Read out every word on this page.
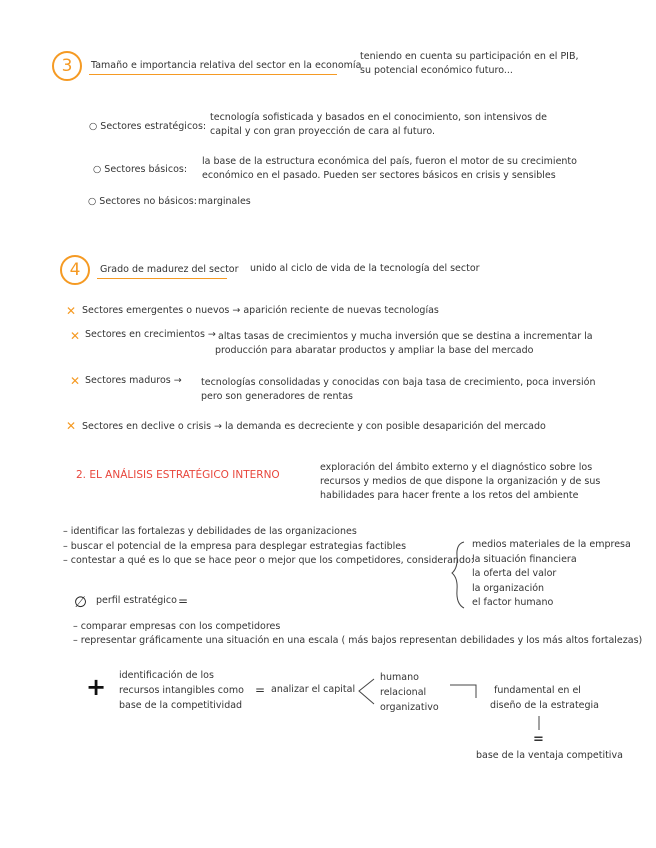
3	Tamaño e importancia relativa del sector en la economía
teniendo en cuenta su participación en el PIB,
su potencial económico futuro...
○ Sectores estratégicos:
tecnología sofisticada y basados en el conocimiento, son intensivos de
capital y con gran proyección de cara al futuro.
○ Sectores básicos:
la base de la estructura económica del país, fueron el motor de su crecimiento
económico en el pasado. Pueden ser sectores básicos en crisis y sensibles
○ Sectores no básicos: marginales
4	Grado de madurez del sector unido al ciclo de vida de la tecnología del sector
✕ Sectores emergentes o nuevos → aparición reciente de nuevas tecnologías
✕ Sectores en crecimientos → altas tasas de crecimientos y mucha inversión que se destina a incrementar la
producción para abaratar productos y ampliar la base del mercado
✕ Sectores maduros → tecnologías consolidadas y conocidas con baja tasa de crecimiento, poca inversión
pero son generadores de rentas
✕ Sectores en declive o crisis → la demanda es decreciente y con posible desaparición del mercado
2. EL ANÁLISIS ESTRATÉGICO INTERNO
exploración del ámbito externo y el diagnóstico sobre los
recursos y medios de que dispone la organización y de sus
habilidades para hacer frente a los retos del ambiente
– identificar las fortalezas y debilidades de las organizaciones
– buscar el potencial de la empresa para desplegar estrategias factibles
– contestar a qué es lo que se hace peor o mejor que los competidores, considerando:
medios materiales de la empresa
la situación financiera
la oferta del valor
la organización
el factor humano
∅ perfil estratégico =
– comparar empresas con los competidores
– representar gráficamente una situación en una escala ( más bajos representan debilidades y los más altos fortalezas)
+ identificación de los
recursos intangibles como
base de la competitividad
= analizar el capital
humano
relacional
organizativo
fundamental en el
diseño de la estrategia
=
base de la ventaja competitiva
